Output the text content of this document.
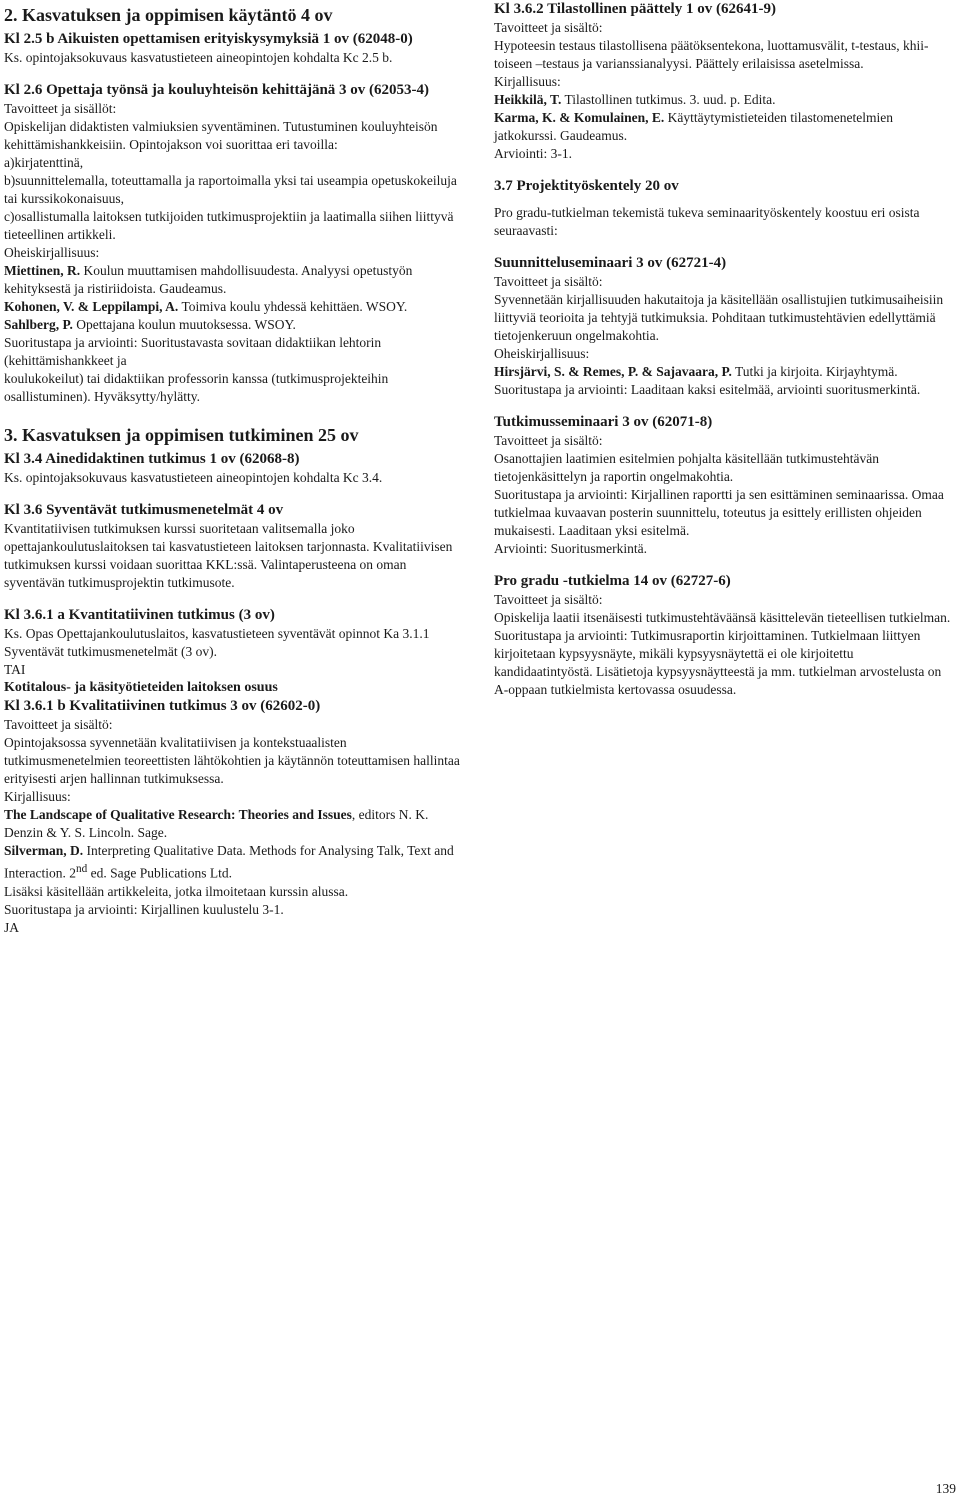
2. Kasvatuksen ja oppimisen käytäntö 4 ov

Kl 2.5 b Aikuisten opettamisen erityiskysymyksiä 1 ov (62048-0)

Ks. opintojaksokuvaus kasvatustieteen aineopintojen kohdalta Kc 2.5 b.

Kl 2.6 Opettaja työnsä ja kouluyhteisön kehittäjänä 3 ov (62053-4)

Tavoitteet ja sisällöt:

Opiskelijan didaktisten valmiuksien syventäminen. Tutustuminen kouluyhteisön kehittämishankkeisiin. Opintojakson voi suorittaa eri tavoilla:

a)kirjatenttinä,

b)suunnittelemalla, toteuttamalla ja raportoimalla yksi tai useampia opetuskokeiluja tai kurssikokonaisuus,

c)osallistumalla laitoksen tutkijoiden tutkimusprojektiin ja laatimalla siihen liittyvä tieteellinen artikkeli.

Oheiskirjallisuus:

Miettinen, R. Koulun muuttamisen mahdollisuudesta. Analyysi opetustyön kehityksestä ja ristiriidoista. Gaudeamus.

Kohonen, V. & Leppilampi, A. Toimiva koulu yhdessä kehittäen. WSOY.

Sahlberg, P. Opettajana koulun muutoksessa. WSOY.

Suoritustapa ja arviointi: Suoritustavasta sovitaan didaktiikan lehtorin (kehittämishankkeet ja

koulukokeilut) tai didaktiikan professorin kanssa (tutkimusprojekteihin osallistuminen). Hyväksytty/hylätty.

3. Kasvatuksen ja oppimisen tutkiminen 25 ov

Kl 3.4 Ainedidaktinen tutkimus 1 ov (62068-8)

Ks. opintojaksokuvaus kasvatustieteen aineopintojen kohdalta Kc 3.4.

Kl 3.6 Syventävät tutkimusmenetelmät 4 ov

Kvantitatiivisen tutkimuksen kurssi suoritetaan valitsemalla joko opettajankoulutuslaitoksen tai kasvatustieteen laitoksen tarjonnasta. Kvalitatiivisen tutkimuksen kurssi voidaan suorittaa KKL:ssä. Valintaperusteena on oman syventävän tutkimusprojektin tutkimusote.

Kl 3.6.1 a Kvantitatiivinen tutkimus (3 ov)

Ks. Opas Opettajankoulutuslaitos, kasvatustieteen syventävät opinnot Ka 3.1.1 Syventävät tutkimusmenetelmät (3 ov).

TAI

Kotitalous- ja käsityötieteiden laitoksen osuus

Kl 3.6.1 b Kvalitatiivinen tutkimus 3 ov (62602-0)

Tavoitteet ja sisältö:

Opintojaksossa syvennetään kvalitatiivisen ja kontekstuaalisten tutkimusmenetelmien teoreettisten lähtökohtien ja käytännön toteuttamisen hallintaa erityisesti arjen hallinnan tutkimuksessa.

Kirjallisuus:

The Landscape of Qualitative Research: Theories and Issues, editors N. K. Denzin & Y. S. Lincoln. Sage.

Silverman, D. Interpreting Qualitative Data. Methods for Analysing Talk, Text and Interaction. 2nd ed. Sage Publications Ltd.

Lisäksi käsitellään artikkeleita, jotka ilmoitetaan kurssin alussa.

Suoritustapa ja arviointi: Kirjallinen kuulustelu 3-1.

JA

Kl 3.6.2 Tilastollinen päättely 1 ov (62641-9)

Tavoitteet ja sisältö:

Hypoteesin testaus tilastollisena päätöksentekona, luottamusvälit, t-testaus, khii-toiseen –testaus ja varianssianalyysi. Päättely erilaisissa asetelmissa.

Kirjallisuus:

Heikkilä, T. Tilastollinen tutkimus. 3. uud. p. Edita.

Karma, K. & Komulainen, E. Käyttäytymistieteiden tilastomenetelmien jatkokurssi. Gaudeamus.

Arviointi: 3-1.

3.7 Projektityöskentely 20 ov

Pro gradu-tutkielman tekemistä tukeva seminaarityöskentely koostuu eri osista seuraavasti:

Suunnitteluseminaari 3 ov (62721-4)

Tavoitteet ja sisältö:

Syvennetään kirjallisuuden hakutaitoja ja käsitellään osallistujien tutkimusaiheisiin liittyviä teorioita ja tehtyjä tutkimuksia. Pohditaan tutkimustehtävien edellyttämiä tietojenkeruun ongelmakohtia.

Oheiskirjallisuus:

Hirsjärvi, S. & Remes, P. & Sajavaara, P. Tutki ja kirjoita. Kirjayhtymä.

Suoritustapa ja arviointi: Laaditaan kaksi esitelmää, arviointi suoritusmerkintä.

Tutkimusseminaari 3 ov (62071-8)

Tavoitteet ja sisältö:

Osanottajien laatimien esitelmien pohjalta käsitellään tutkimustehtävän tietojenkäsittelyn ja raportin ongelmakohtia.

Suoritustapa ja arviointi: Kirjallinen raportti ja sen esittäminen seminaarissa. Omaa tutkielmaa kuvaavan posterin suunnittelu, toteutus ja esittely erillisten ohjeiden mukaisesti. Laaditaan yksi esitelmä.

Arviointi: Suoritusmerkintä.

Pro gradu -tutkielma 14 ov (62727-6)

Tavoitteet ja sisältö:

Opiskelija laatii itsenäisesti tutkimustehtäväänsä käsittelevän tieteellisen tutkielman.

Suoritustapa ja arviointi: Tutkimusraportin kirjoittaminen. Tutkielmaan liittyen kirjoitetaan kypsyysnäyte, mikäli kypsyysnäytettä ei ole kirjoitettu kandidaatintyöstä. Lisätietoja kypsyysnäytteestä ja mm. tutkielman arvostelusta on A-oppaan tutkielmista kertovassa osuudessa.

139
